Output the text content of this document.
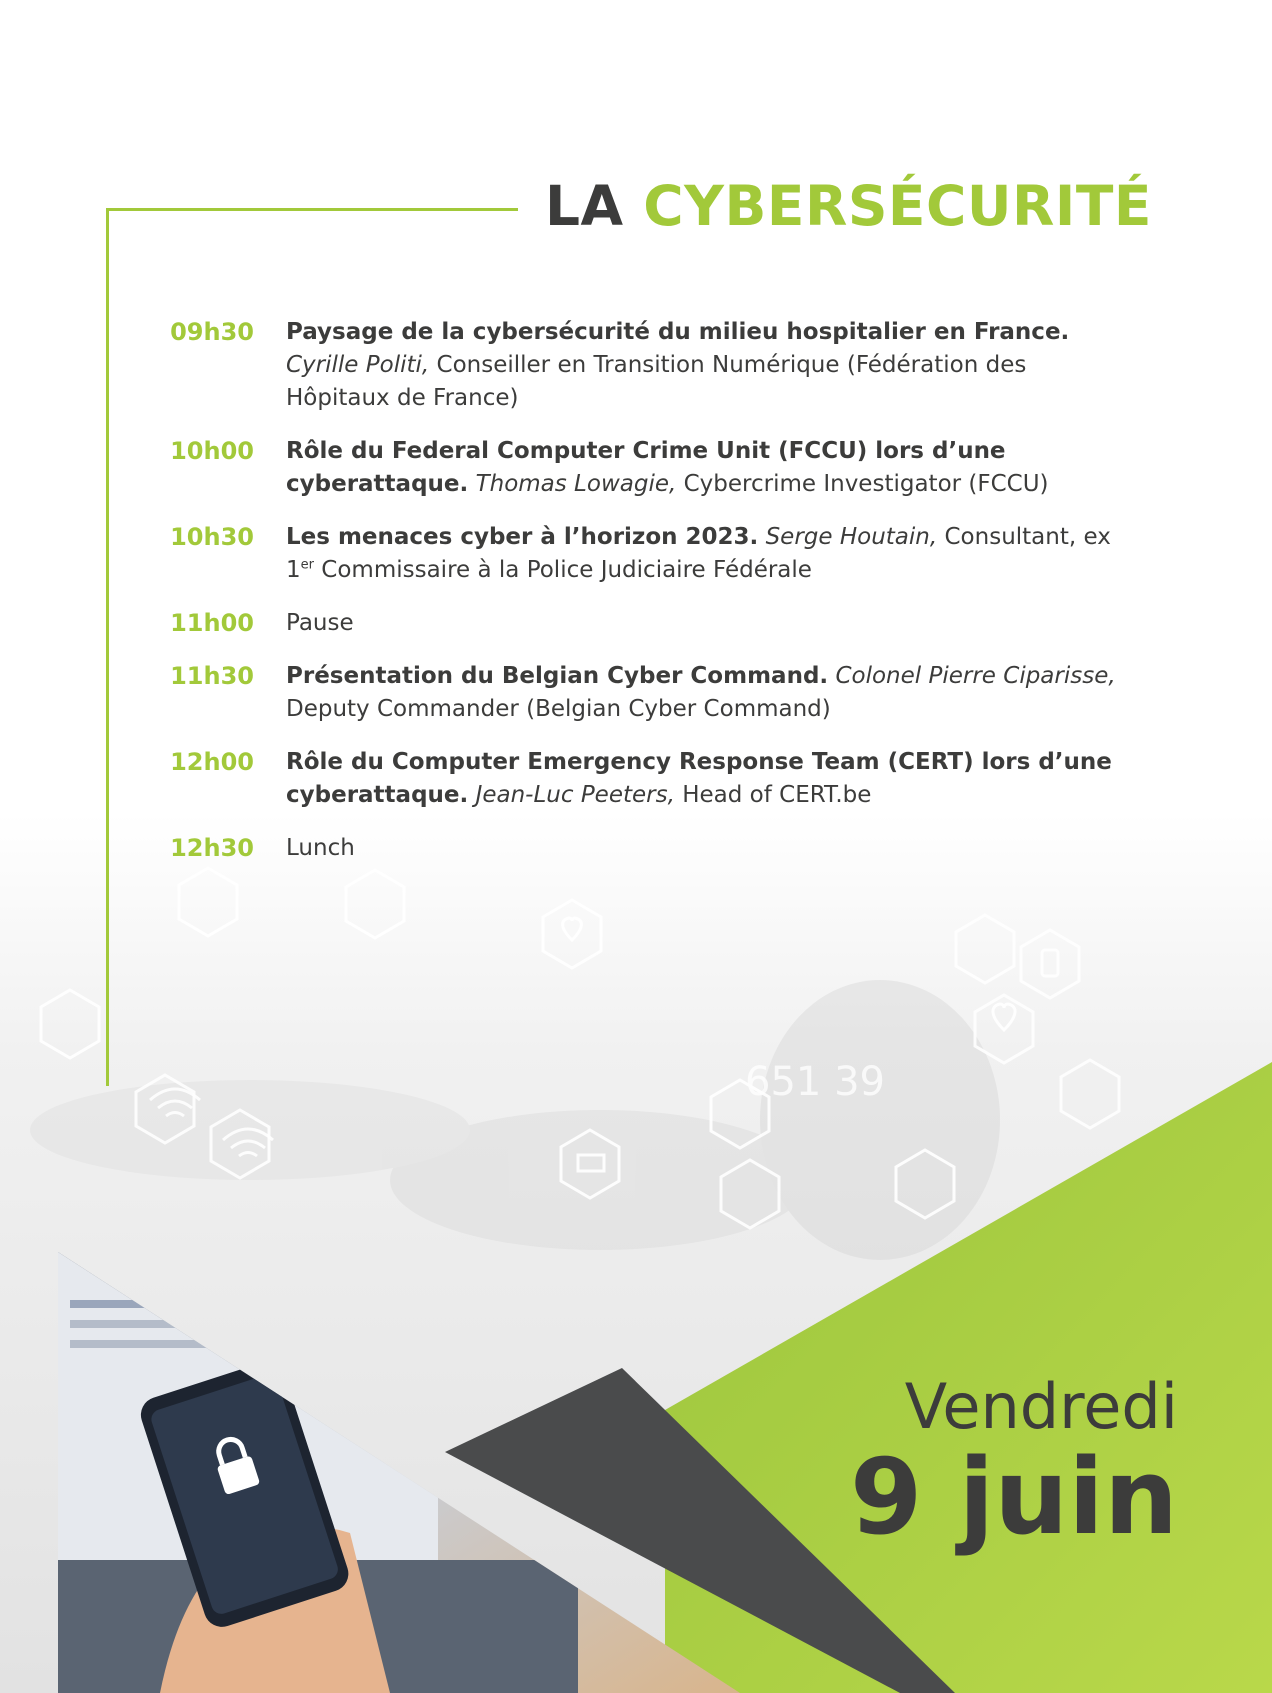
651 39
LA CYBERSÉCURITÉ
09h30	Paysage de la cybersécurité du milieu hospitalier en France. Cyrille Politi, Conseiller en Transition Numérique (Fédération des Hôpitaux de France)
10h00	Rôle du Federal Computer Crime Unit (FCCU) lors d’une cyberattaque. Thomas Lowagie, Cybercrime Investigator (FCCU)
10h30	Les menaces cyber à l’horizon 2023. Serge Houtain, Consultant, ex 1er Commissaire à la Police Judiciaire Fédérale
11h00	Pause
11h30	Présentation du Belgian Cyber Command. Colonel Pierre Ciparisse, Deputy Commander (Belgian Cyber Command)
12h00	Rôle du Computer Emergency Response Team (CERT) lors d’une cyberattaque. Jean-Luc Peeters, Head of CERT.be
12h30	Lunch
Vendredi
9 juin
